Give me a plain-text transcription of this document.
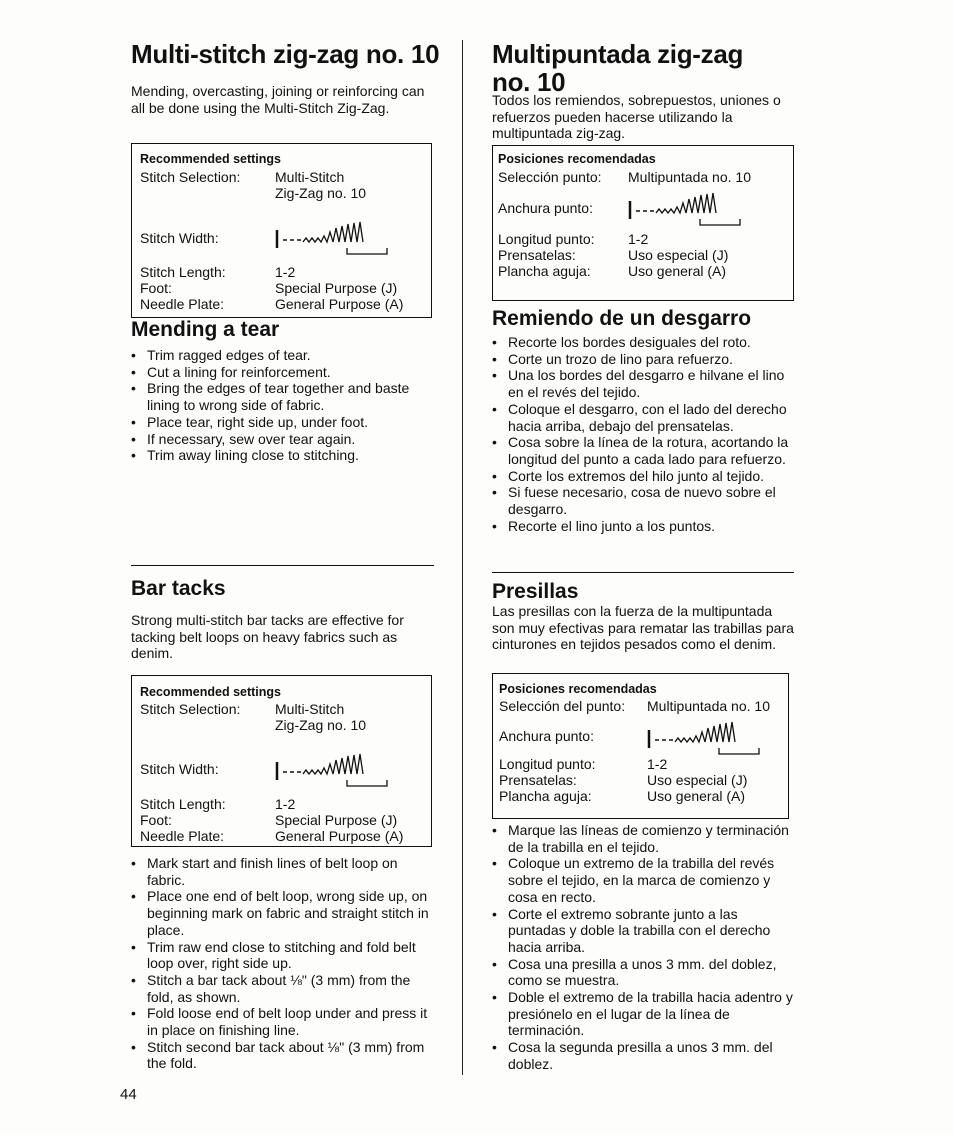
Multi-stitch zig-zag no. 10

Mending, overcasting, joining or reinforcing can all be done using the Multi-Stitch Zig-Zag.

Recommended settings
Stitch Selection:	Multi-Stitch
Zig-Zag no. 10
Stitch Width:
Stitch Length:	1-2
Foot:	Special Purpose (J)
Needle Plate:	General Purpose (A)
Mending a tear
• Trim ragged edges of tear.
• Cut a lining for reinforcement.
• Bring the edges of tear together and baste lining to wrong side of fabric.
• Place tear, right side up, under foot.
• If necessary, sew over tear again.
• Trim away lining close to stitching.
Bar tacks

Strong multi-stitch bar tacks are effective for tacking belt loops on heavy fabrics such as denim.

Recommended settings
Stitch Selection:	Multi-Stitch
Zig-Zag no. 10
Stitch Width:
Stitch Length:	1-2
Foot:	Special Purpose (J)
Needle Plate:	General Purpose (A)
• Mark start and finish lines of belt loop on fabric.
• Place one end of belt loop, wrong side up, on beginning mark on fabric and straight stitch in place.
• Trim raw end close to stitching and fold belt loop over, right side up.
• Stitch a bar tack about ⅛" (3 mm) from the fold, as shown.
• Fold loose end of belt loop under and press it in place on finishing line.
• Stitch second bar tack about ⅛" (3 mm) from the fold.
Multipuntada zig-zag no. 10

Todos los remiendos, sobrepuestos, uniones o refuerzos pueden hacerse utilizando la multipuntada zig-zag.

Posiciones recomendadas
Selección punto:	Multipuntada no. 10
Anchura punto:
Longitud punto:	1-2
Prensatelas:	Uso especial (J)
Plancha aguja:	Uso general (A)
Remiendo de un desgarro
• Recorte los bordes desiguales del roto.
• Corte un trozo de lino para refuerzo.
• Una los bordes del desgarro e hilvane el lino en el revés del tejido.
• Coloque el desgarro, con el lado del derecho hacia arriba, debajo del prensatelas.
• Cosa sobre la línea de la rotura, acortando la longitud del punto a cada lado para refuerzo.
• Corte los extremos del hilo junto al tejido.
• Si fuese necesario, cosa de nuevo sobre el desgarro.
• Recorte el lino junto a los puntos.
Presillas

Las presillas con la fuerza de la multipuntada son muy efectivas para rematar las trabillas para cinturones en tejidos pesados como el denim.

Posiciones recomendadas
Selección del punto:	Multipuntada no. 10
Anchura punto:
Longitud punto:	1-2
Prensatelas:	Uso especial (J)
Plancha aguja:	Uso general (A)
• Marque las líneas de comienzo y terminación de la trabilla en el tejido.
• Coloque un extremo de la trabilla del revés sobre el tejido, en la marca de comienzo y cosa en recto.
• Corte el extremo sobrante junto a las puntadas y doble la trabilla con el derecho hacia arriba.
• Cosa una presilla a unos 3 mm. del doblez, como se muestra.
• Doble el extremo de la trabilla hacia adentro y presiónelo en el lugar de la línea de terminación.
• Cosa la segunda presilla a unos 3 mm. del doblez.
44
